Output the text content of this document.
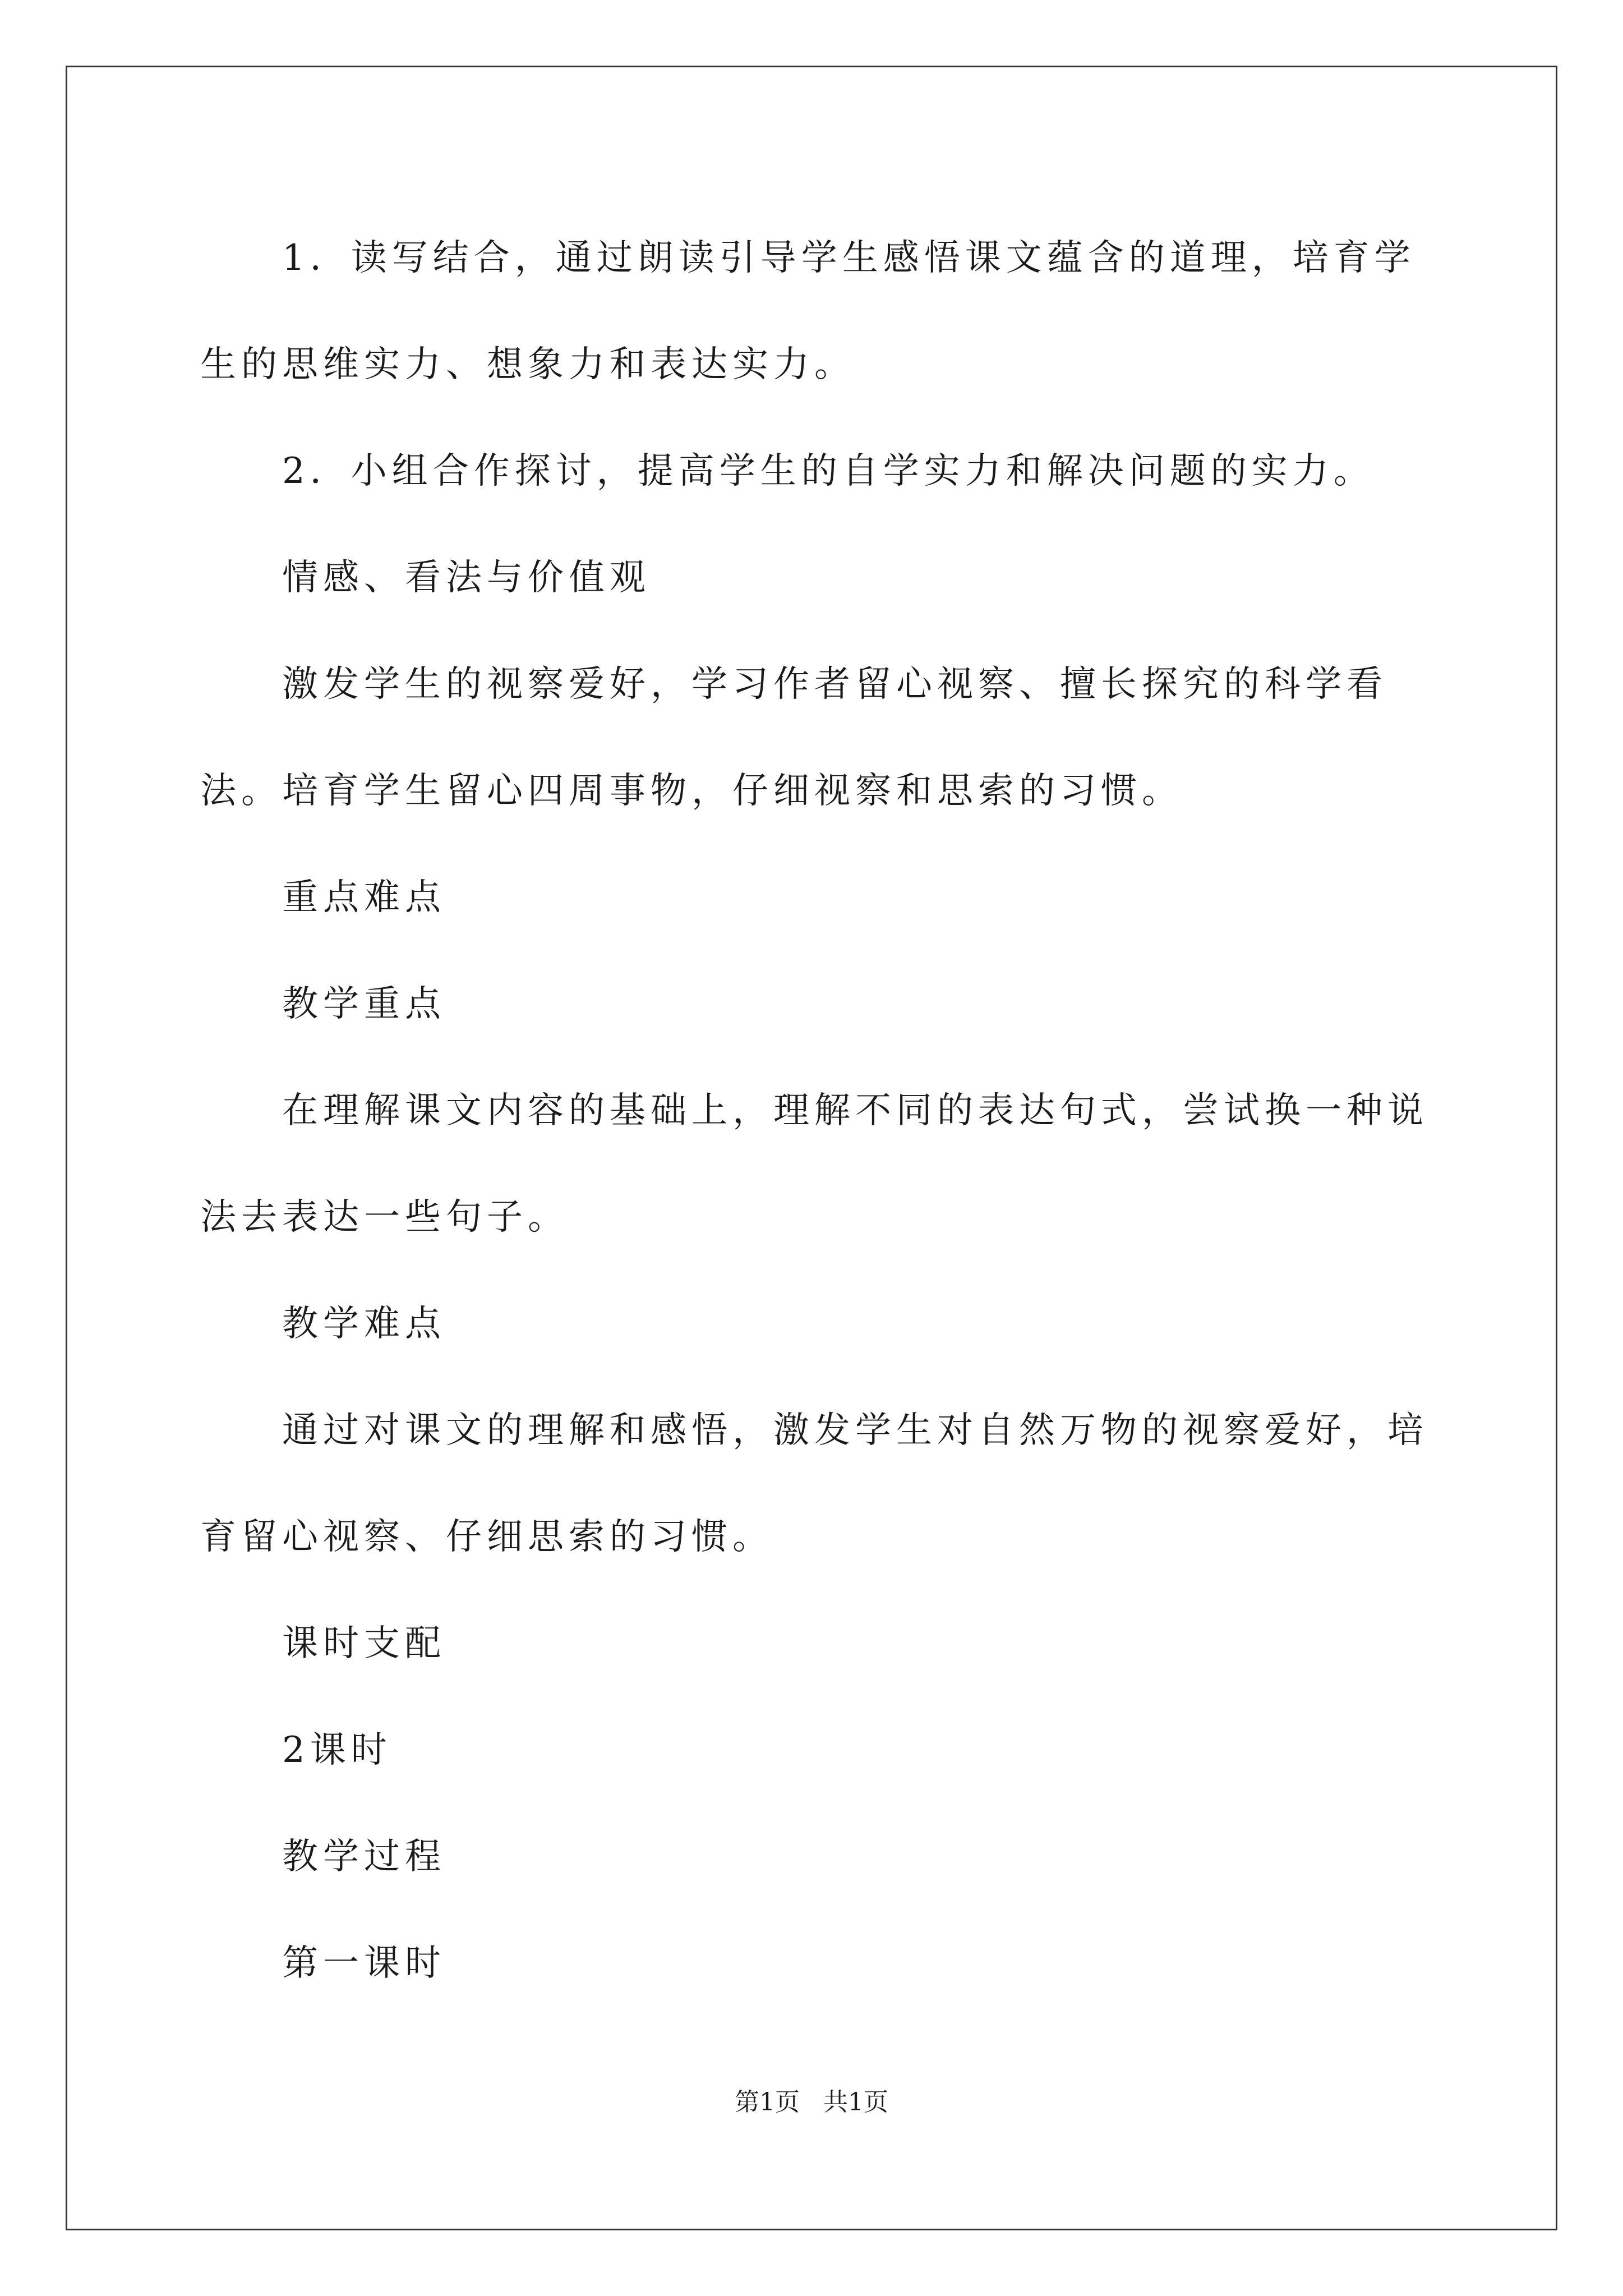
1．读写结合，通过朗读引导学生感悟课文蕴含的道理，培育学生的思维实力、想象力和表达实力。

2．小组合作探讨，提高学生的自学实力和解决问题的实力。

情感、看法与价值观

激发学生的视察爱好，学习作者留心视察、擅长探究的科学看法。培育学生留心四周事物，仔细视察和思索的习惯。

重点难点

教学重点

在理解课文内容的基础上，理解不同的表达句式，尝试换一种说法去表达一些句子。

教学难点

通过对课文的理解和感悟，激发学生对自然万物的视察爱好，培育留心视察、仔细思索的习惯。

课时支配

2课时

教学过程

第一课时

第1页   共1页
